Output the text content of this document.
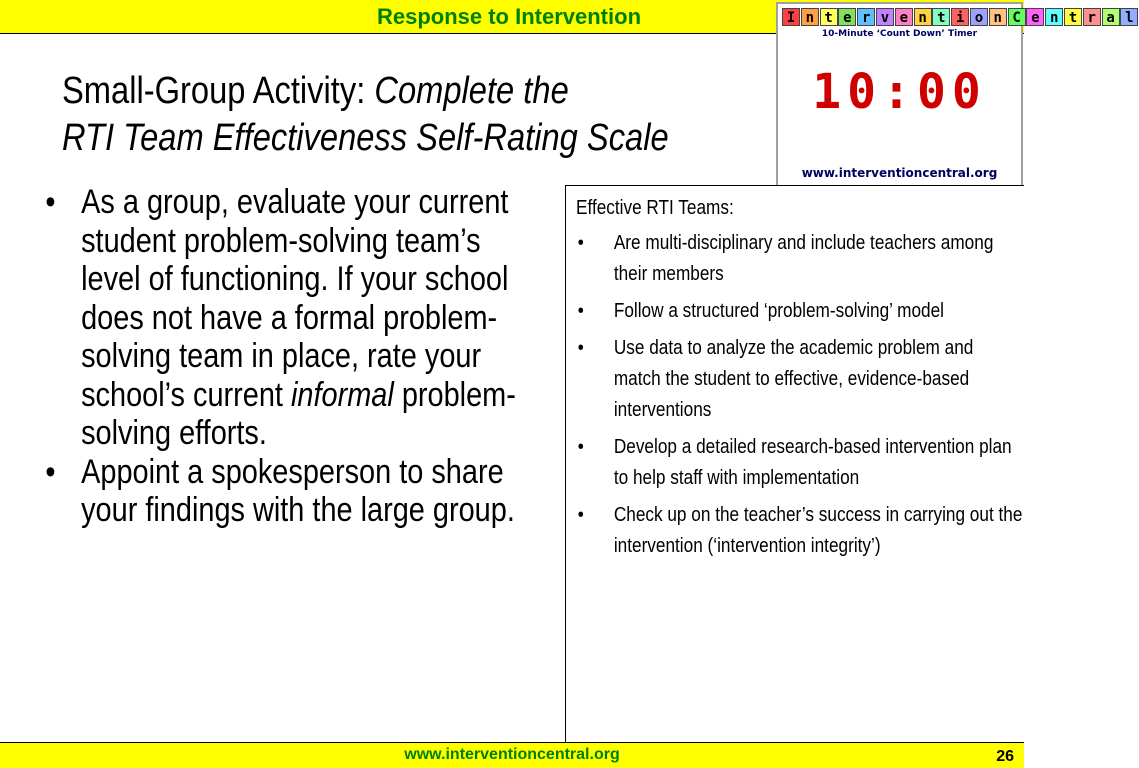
Response to Intervention	I n t e r v e n t i o n C e n t r a l
10-Minute ‘Count Down’ Timer
10:00
www.interventioncentral.org
Small-Group Activity: Complete the
RTI Team Effectiveness Self-Rating Scale
• As a group, evaluate your current student problem-solving team’s level of functioning. If your school does not have a formal problem-solving team in place, rate your school’s current informal problem-solving efforts.
• Appoint a spokesperson to share your findings with the large group.
Effective RTI Teams:
• Are multi-disciplinary and include teachers among their members
• Follow a structured ‘problem-solving’ model
• Use data to analyze the academic problem and match the student to effective, evidence-based interventions
• Develop a detailed research-based intervention plan to help staff with implementation
• Check up on the teacher’s success in carrying out the intervention (‘intervention integrity’)
www.interventioncentral.org	26
